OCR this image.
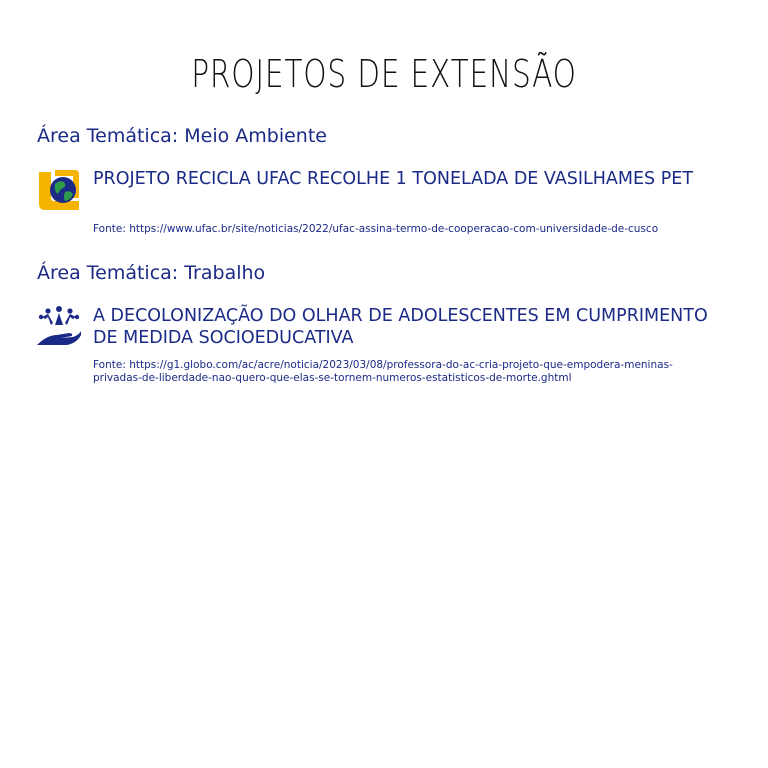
PROJETOS DE EXTENSÃO
Área Temática: Meio Ambiente
PROJETO RECICLA UFAC RECOLHE 1 TONELADA DE VASILHAMES PET
Fonte: https://www.ufac.br/site/noticias/2022/ufac-assina-termo-de-cooperacao-com-universidade-de-cusco
Área Temática: Trabalho
A DECOLONIZAÇÃO DO OLHAR DE ADOLESCENTES EM CUMPRIMENTO DE MEDIDA SOCIOEDUCATIVA
Fonte: https://g1.globo.com/ac/acre/noticia/2023/03/08/professora-do-ac-cria-projeto-que-empodera-meninas-privadas-de-liberdade-nao-quero-que-elas-se-tornem-numeros-estatisticos-de-morte.ghtml
